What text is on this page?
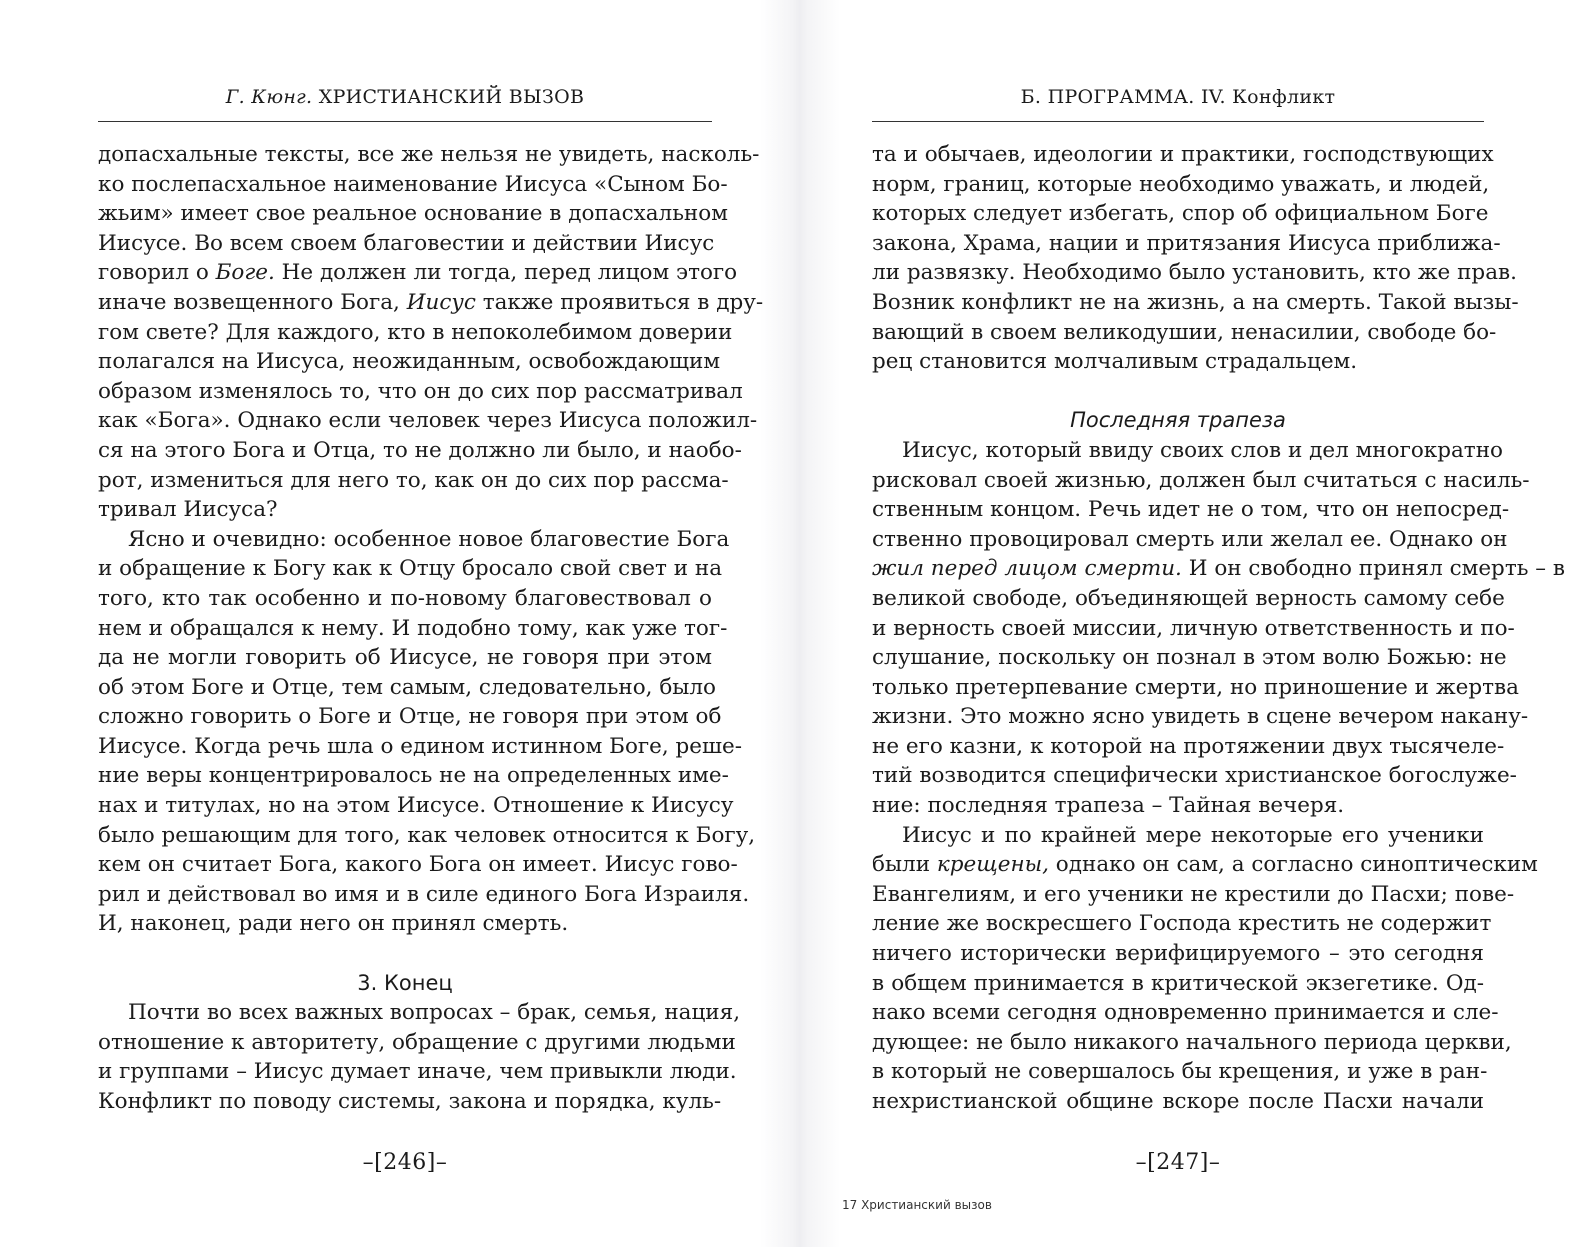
Г. Кюнг. ХРИСТИАНСКИЙ ВЫЗОВ
допасхальные тексты, все же нельзя не увидеть, насколь-
ко послепасхальное наименование Иисуса «Сыном Бо-
жьим» имеет свое реальное основание в допасхальном
Иисусе. Во всем своем благовестии и действии Иисус
говорил о Боге. Не должен ли тогда, перед лицом этого
иначе возвещенного Бога, Иисус также проявиться в дру-
гом свете? Для каждого, кто в непоколебимом доверии
полагался на Иисуса, неожиданным, освобождающим
образом изменялось то, что он до сих пор рассматривал
как «Бога». Однако если человек через Иисуса положил-
ся на этого Бога и Отца, то не должно ли было, и наобо-
рот, измениться для него то, как он до сих пор рассма-
тривал Иисуса?
Ясно и очевидно: особенное новое благовестие Бога
и обращение к Богу как к Отцу бросало свой свет и на
того, кто так особенно и по-новому благовествовал о
нем и обращался к нему. И подобно тому, как уже тог-
да не могли говорить об Иисусе, не говоря при этом
об этом Боге и Отце, тем самым, следовательно, было
сложно говорить о Боге и Отце, не говоря при этом об
Иисусе. Когда речь шла о едином истинном Боге, реше-
ние веры концентрировалось не на определенных име-
нах и титулах, но на этом Иисусе. Отношение к Иисусу
было решающим для того, как человек относится к Богу,
кем он считает Бога, какого Бога он имеет. Иисус гово-
рил и действовал во имя и в силе единого Бога Израиля.
И, наконец, ради него он принял смерть.
3. Конец
Почти во всех важных вопросах – брак, семья, нация,
отношение к авторитету, обращение с другими людьми
и группами – Иисус думает иначе, чем привыкли люди.
Конфликт по поводу системы, закона и порядка, куль-
–[246]–
Б. ПРОГРАММА. IV. Конфликт
та и обычаев, идеологии и практики, господствующих
норм, границ, которые необходимо уважать, и людей,
которых следует избегать, спор об официальном Боге
закона, Храма, нации и притязания Иисуса приближа-
ли развязку. Необходимо было установить, кто же прав.
Возник конфликт не на жизнь, а на смерть. Такой вызы-
вающий в своем великодушии, ненасилии, свободе бо-
рец становится молчаливым страдальцем.
Последняя трапеза
Иисус, который ввиду своих слов и дел многократно
рисковал своей жизнью, должен был считаться с насиль-
ственным концом. Речь идет не о том, что он непосред-
ственно провоцировал смерть или желал ее. Однако он
жил перед лицом смерти. И он свободно принял смерть – в
великой свободе, объединяющей верность самому себе
и верность своей миссии, личную ответственность и по-
слушание, поскольку он познал в этом волю Божью: не
только претерпевание смерти, но приношение и жертва
жизни. Это можно ясно увидеть в сцене вечером накану-
не его казни, к которой на протяжении двух тысячеле-
тий возводится специфически христианское богослуже-
ние: последняя трапеза – Тайная вечеря.
Иисус и по крайней мере некоторые его ученики
были крещены, однако он сам, а согласно синоптическим
Евангелиям, и его ученики не крестили до Пасхи; пове-
ление же воскресшего Господа крестить не содержит
ничего исторически верифицируемого – это сегодня
в общем принимается в критической экзегетике. Од-
нако всеми сегодня одновременно принимается и сле-
дующее: не было никакого начального периода церкви,
в который не совершалось бы крещения, и уже в ран-
нехристианской общине вскоре после Пасхи начали
–[247]–
17 Христианский вызов
